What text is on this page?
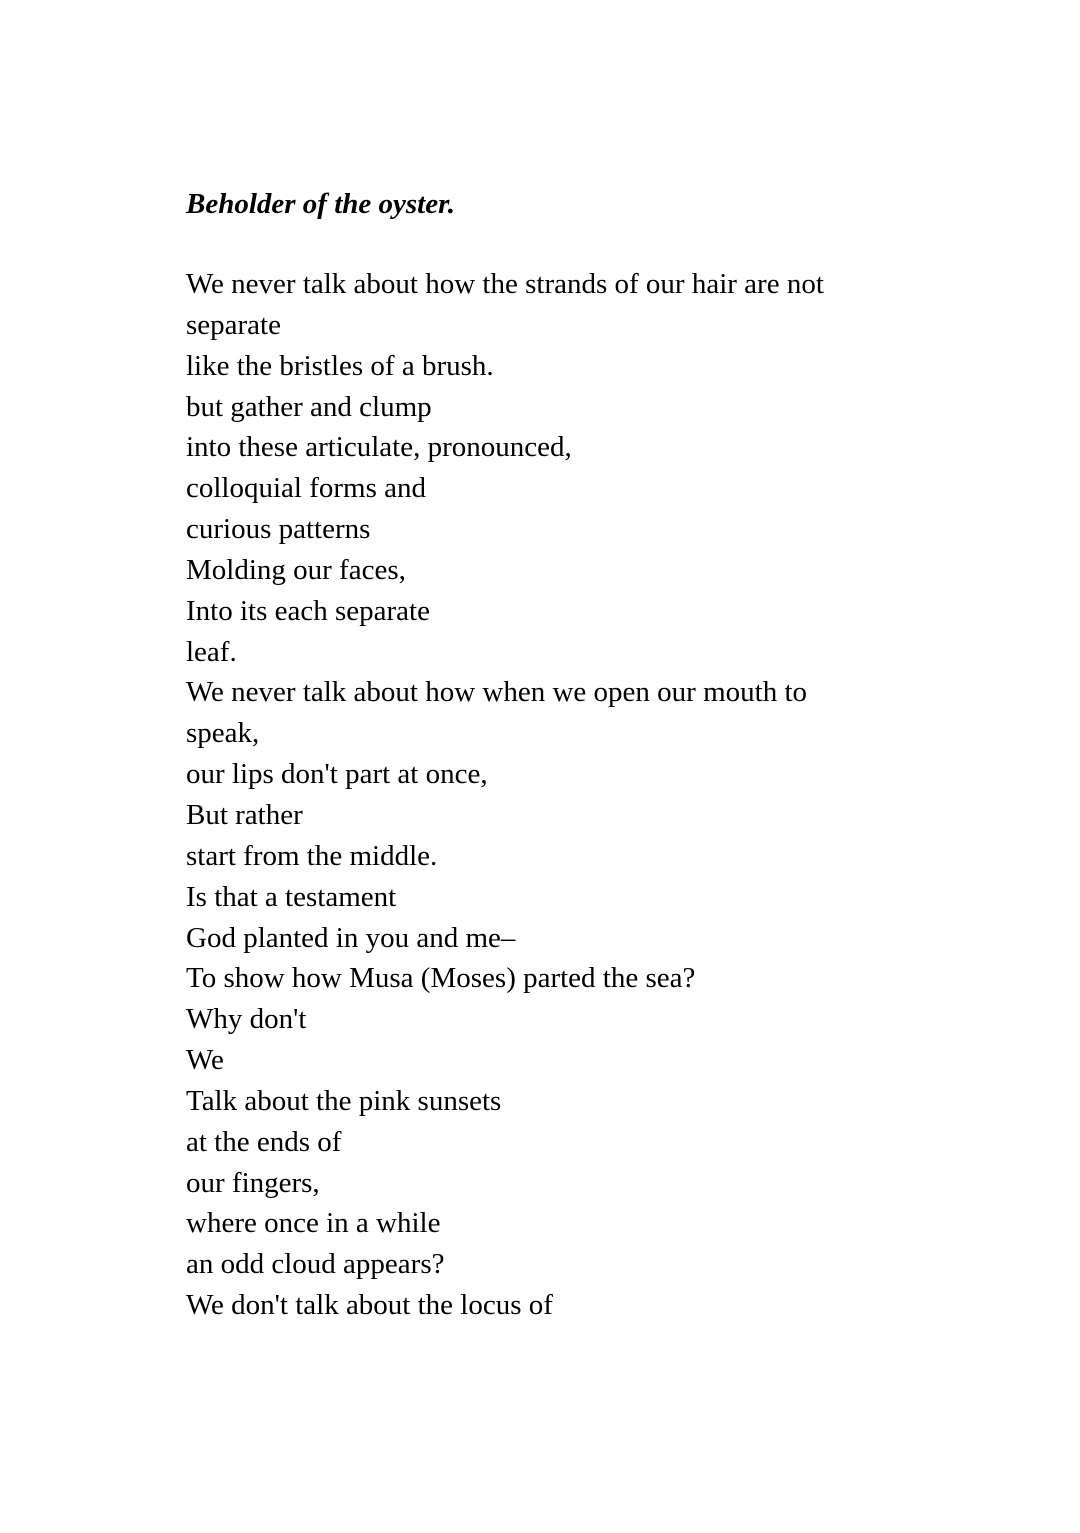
Beholder of the oyster.
We never talk about how the strands of our hair are not
separate
like the bristles of a brush.
but gather and clump
into these articulate, pronounced,
colloquial forms and
curious patterns
Molding our faces,
Into its each separate
leaf.
We never talk about how when we open our mouth to
speak,
our lips don't part at once,
But rather
start from the middle.
Is that a testament
God planted in you and me–
To show how Musa (Moses) parted the sea?
Why don't
We
Talk about the pink sunsets
at the ends of
our fingers,
where once in a while
an odd cloud appears?
We don't talk about the locus of
